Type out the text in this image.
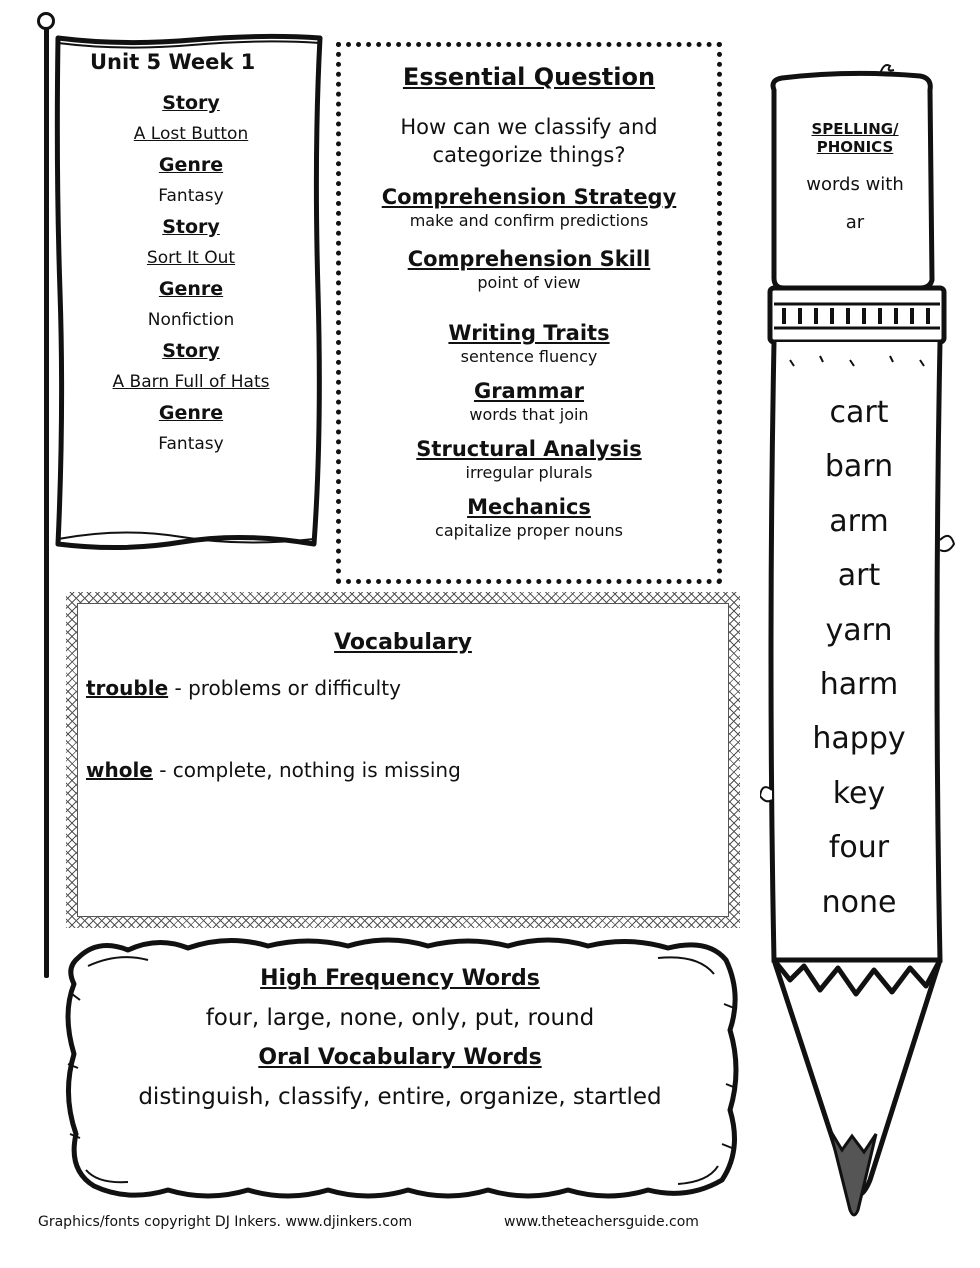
Unit 5 Week 1
Story
A Lost Button
Genre
Fantasy
Story
Sort It Out
Genre
Nonfiction
Story
A Barn Full of Hats
Genre
Fantasy
Essential Question
How can we classify and
categorize things?
Comprehension Strategy
make and confirm predictions
Comprehension Skill
point of view
Writing Traits
sentence fluency
Grammar
words that join
Structural Analysis
irregular plurals
Mechanics
capitalize proper nouns
Vocabulary
trouble - problems or difficulty
whole - complete, nothing is missing
High Frequency Words
four, large, none, only, put, round
Oral Vocabulary Words
distinguish, classify, entire, organize, startled
SPELLING/
PHONICS
words with
ar
cart
barn
arm
art
yarn
harm
happy
key
four
none
Graphics/fonts copyright DJ Inkers. www.djinkers.com	www.theteachersguide.com
